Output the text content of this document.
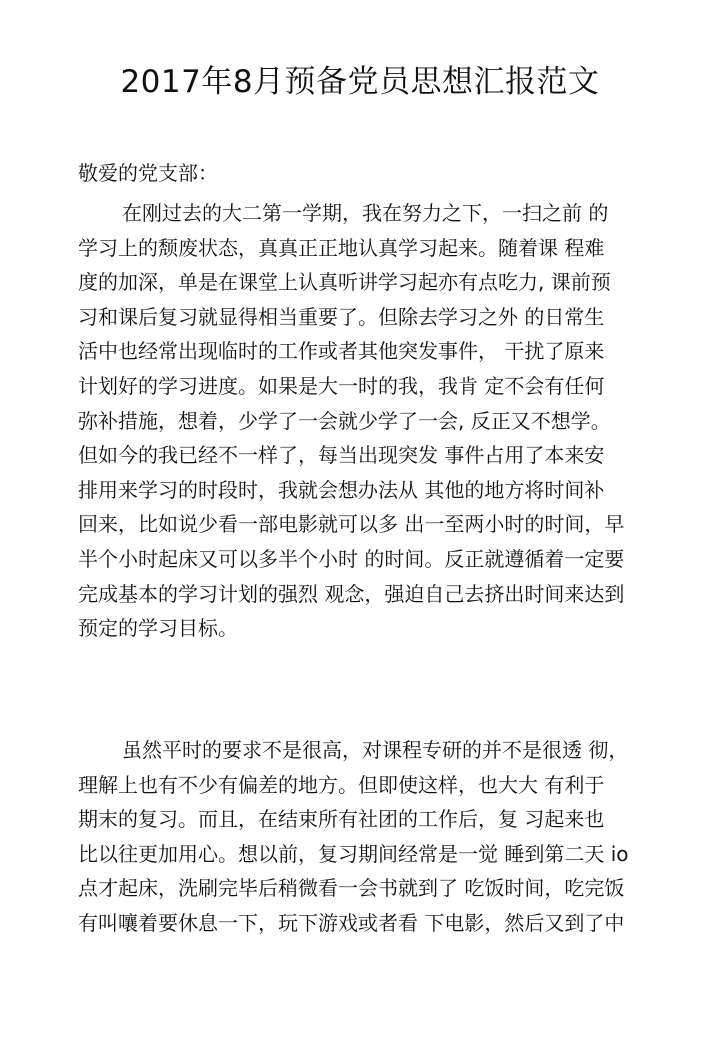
2017年8月预备党员思想汇报范文

敬爱的党支部：

在刚过去的大二第一学期，我在努力之下，一扫之前 的
学习上的颓废状态，真真正正地认真学习起来。随着课 程难
度的加深，单是在课堂上认真听讲学习起亦有点吃力, 课前预
习和课后复习就显得相当重要了。但除去学习之外 的日常生
活中也经常出现临时的工作或者其他突发事件， 干扰了原来
计划好的学习进度。如果是大一时的我，我肯 定不会有任何
弥补措施，想着，少学了一会就少学了一会, 反正又不想学。
但如今的我已经不一样了，每当出现突发 事件占用了本来安
排用来学习的时段时，我就会想办法从 其他的地方将时间补
回来，比如说少看一部电影就可以多 出一至两小时的时间，早
半个小时起床又可以多半个小时 的时间。反正就遵循着一定要
完成基本的学习计划的强烈 观念，强迫自己去挤出时间来达到
预定的学习目标。
虽然平时的要求不是很高，对课程专研的并不是很透 彻，
理解上也有不少有偏差的地方。但即使这样，也大大 有利于
期末的复习。而且，在结束所有社团的工作后，复 习起来也
比以往更加用心。想以前，复习期间经常是一觉 睡到第二天 io
点才起床，洗刷完毕后稍微看一会书就到了 吃饭时间，吃完饭
有叫嚷着要休息一下，玩下游戏或者看 下电影，然后又到了中
